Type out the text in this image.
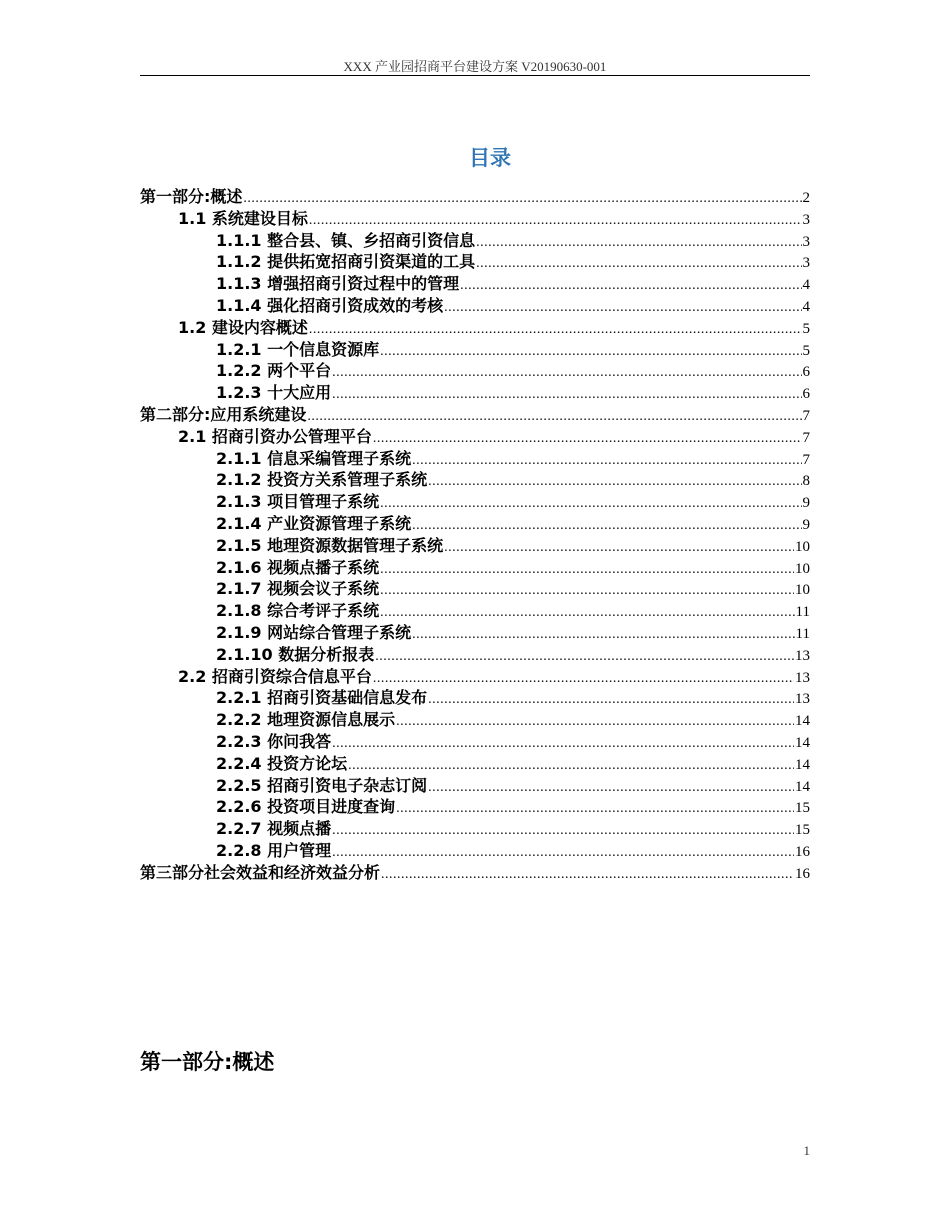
XXX 产业园招商平台建设方案 V20190630-001
目录
第一部分:概述 .....	2
1.1 系统建设目标 .....	3
1.1.1 整合县、镇、乡招商引资信息 .....	3
1.1.2 提供拓宽招商引资渠道的工具 .....	3
1.1.3 增强招商引资过程中的管理 .....	4
1.1.4 强化招商引资成效的考核 .....	4
1.2 建设内容概述 .....	5
1.2.1 一个信息资源库 .....	5
1.2.2 两个平台 .....	6
1.2.3 十大应用 .....	6
第二部分:应用系统建设 .....	7
2.1 招商引资办公管理平台 .....	7
2.1.1 信息采编管理子系统 .....	7
2.1.2 投资方关系管理子系统 .....	8
2.1.3 项目管理子系统 .....	9
2.1.4 产业资源管理子系统 .....	9
2.1.5 地理资源数据管理子系统 .....	10
2.1.6 视频点播子系统 .....	10
2.1.7 视频会议子系统 .....	10
2.1.8 综合考评子系统 .....	11
2.1.9 网站综合管理子系统 .....	11
2.1.10 数据分析报表 .....	13
2.2 招商引资综合信息平台 .....	13
2.2.1 招商引资基础信息发布 .....	13
2.2.2 地理资源信息展示 .....	14
2.2.3 你问我答 .....	14
2.2.4 投资方论坛 .....	14
2.2.5 招商引资电子杂志订阅 .....	14
2.2.6 投资项目进度查询 .....	15
2.2.7 视频点播 .....	15
2.2.8 用户管理 .....	16
第三部分社会效益和经济效益分析 .....	16
第一部分:概述
1
